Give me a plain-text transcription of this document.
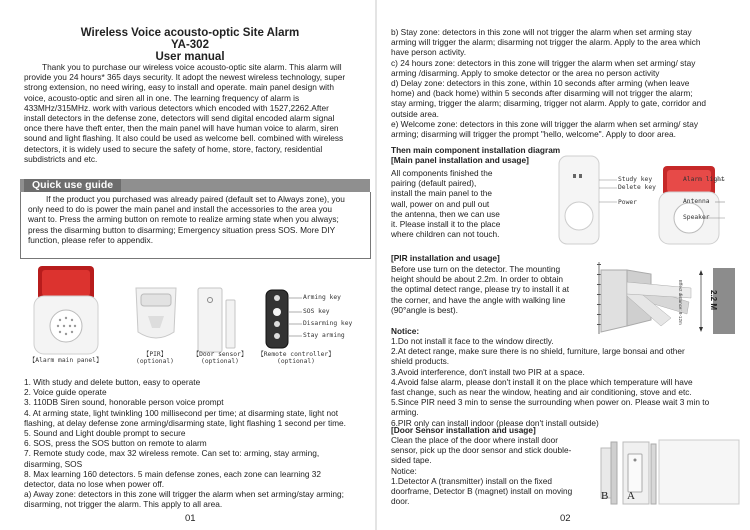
Wireless Voice acousto-optic Site Alarm
YA-302
User manual

Thank you to purchase our wireless voice acousto-optic site alarm. This alarm will

provide you 24 hours* 365 days security. It adopt the newest wireless technology, super

strong extension, no need wiring, easy to install and operate. main panel design with

voice, acousto-optic and siren all in one. The learning frequency of alarm is

433MHz/315MHz. work with various detectors which encoded with 1527,2262.After

install detectors in the defense zone, detectors will send digital encoded alarm signal

once there have theft enter, then the main panel will have human voice to alarm, siren

sound and light flashing. It also could be used as welcome bell. combined with wireless

detectors, it is widely used to secure the safety of home, store, factory, residential

subdistricts and etc.

Quick use guide

If the product you purchased was already paired (default set to Always zone), you

only need to do is power the main panel and install the accessories to the area you

want to. Press the arming button on remote to realize arming state when you always;

press the disarming button to disarming; Emergency situation press SOS. More DIY

function, please refer to appendix.

Arming key
SOS key
Disarming key
Stay arming
【Alarm main panel】
【PIR】
(optional)
【Door sensor】
(optional)
【Remote controller】
(optional)

1. With study and delete button, easy to operate

2. Voice guide operate

3. 110DB Siren sound, honorable person voice prompt

4. At arming state, light twinkling 100 millisecond per time; at disarming state, light not

flashing, at delay defense zone arming/disarming state, light flashing 1 second per time.

5. Sound and Light double prompt to secure

6. SOS, press the SOS button on remote to alarm

7. Remote study code, max 32 wireless remote. Can set to: arming, stay arming,

disarming, SOS

8. Max learning 160 detectors. 5 main defense zones, each zone can learning 32

detector, data no lose when power off.

a) Away zone: detectors in this zone will trigger the alarm when set arming/stay arming;

disarming, not trigger the alarm. This apply to all area.

01

b) Stay zone: detectors in this zone will not trigger the alarm when set arming stay

arming will trigger the alarm; disarming not trigger the alarm. Apply to the area which

have person activity.

c) 24 hours zone: detectors in this zone will trigger the alarm when set arming/ stay

arming /disarming. Apply to smoke detector or the area no person activity

d) Delay zone: detectors in this zone, within 10 seconds after arming (when leave

home) and (back home) within 5 seconds after disarming will not trigger the alarm;

stay arming, trigger the alarm; disarming, trigger not alarm. Apply to gate, corridor and

outside area.

e) Welcome zone: detectors in this zone will trigger the alarm when set arming/ stay

arming; disarming will trigger the prompt "hello, welcome". Apply to door area.

Then main component installation diagram
[Main panel installation and usage]

All components finished the

pairing (default paired),

install the main panel to the

wall, power on and pull out

the antenna, then we can use

it. Please install it to the place

where children can not touch.

Study key
Delete key
Power
Alarm light
Antenna
Speaker
[PIR installation and usage]

Before use turn on the detector. The mounting

height should be about 2.2m. In order to obtain

the optimal detect range, please try to install it at

the corner, and have the angle with walking line

(90°angle is best).	2.2 M
Effect distance: 8-12m
Notice:

1.Do not install it face to the window directly.

2.At detect range, make sure there is no shield, furniture, large bonsai and other

shield products.

3.Avoid interference, don't install two PIR at a space.

4.Avoid false alarm, please don't install it on the place which temperature will have

fast change, such as near the window, heating and air conditioning, stove and etc.

5.Since PIR need 3 min to sense the surrounding when power on. Please wait 3 min to

arming.

6.PIR only can install indoor (please don't install outside)

[Door Sensor installation and usage]

Clean the place of the door where install door

sensor, pick up the door sensor and stick double-

sided tape.

Notice:

1.Detector A (transmitter) install on the fixed

doorframe, Detector B (magnet) install on moving

door.	B A
02
